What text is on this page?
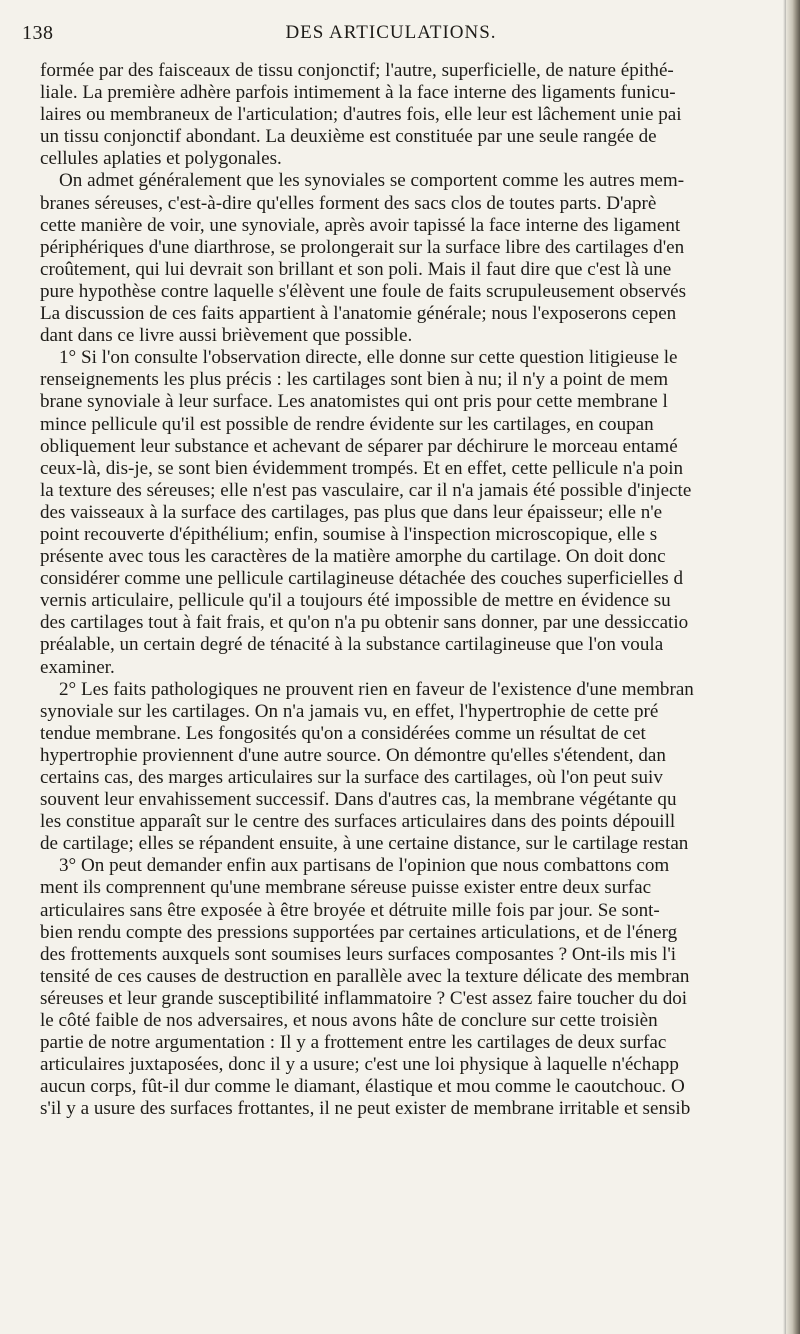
138	DES ARTICULATIONS.
formée par des faisceaux de tissu conjonctif; l'autre, superficielle, de nature épithé-
liale. La première adhère parfois intimement à la face interne des ligaments funicu-
laires ou membraneux de l'articulation; d'autres fois, elle leur est lâchement unie pai
un tissu conjonctif abondant. La deuxième est constituée par une seule rangée de
cellules aplaties et polygonales.
On admet généralement que les synoviales se comportent comme les autres mem-
branes séreuses, c'est-à-dire qu'elles forment des sacs clos de toutes parts. D'aprè
cette manière de voir, une synoviale, après avoir tapissé la face interne des ligament
périphériques d'une diarthrose, se prolongerait sur la surface libre des cartilages d'en
croûtement, qui lui devrait son brillant et son poli. Mais il faut dire que c'est là une
pure hypothèse contre laquelle s'élèvent une foule de faits scrupuleusement observés
La discussion de ces faits appartient à l'anatomie générale; nous l'exposerons cepen
dant dans ce livre aussi brièvement que possible.
1° Si l'on consulte l'observation directe, elle donne sur cette question litigieuse le
renseignements les plus précis : les cartilages sont bien à nu; il n'y a point de mem
brane synoviale à leur surface. Les anatomistes qui ont pris pour cette membrane l
mince pellicule qu'il est possible de rendre évidente sur les cartilages, en coupan
obliquement leur substance et achevant de séparer par déchirure le morceau entamé
ceux-là, dis-je, se sont bien évidemment trompés. Et en effet, cette pellicule n'a poin
la texture des séreuses; elle n'est pas vasculaire, car il n'a jamais été possible d'injecte
des vaisseaux à la surface des cartilages, pas plus que dans leur épaisseur; elle n'e
point recouverte d'épithélium; enfin, soumise à l'inspection microscopique, elle s
présente avec tous les caractères de la matière amorphe du cartilage. On doit donc
considérer comme une pellicule cartilagineuse détachée des couches superficielles d
vernis articulaire, pellicule qu'il a toujours été impossible de mettre en évidence su
des cartilages tout à fait frais, et qu'on n'a pu obtenir sans donner, par une dessiccatio
préalable, un certain degré de ténacité à la substance cartilagineuse que l'on voula
examiner.
2° Les faits pathologiques ne prouvent rien en faveur de l'existence d'une membran
synoviale sur les cartilages. On n'a jamais vu, en effet, l'hypertrophie de cette pré
tendue membrane. Les fongosités qu'on a considérées comme un résultat de cet
hypertrophie proviennent d'une autre source. On démontre qu'elles s'étendent, dan
certains cas, des marges articulaires sur la surface des cartilages, où l'on peut suiv
souvent leur envahissement successif. Dans d'autres cas, la membrane végétante qu
les constitue apparaît sur le centre des surfaces articulaires dans des points dépouill
de cartilage; elles se répandent ensuite, à une certaine distance, sur le cartilage restan
3° On peut demander enfin aux partisans de l'opinion que nous combattons com
ment ils comprennent qu'une membrane séreuse puisse exister entre deux surfac
articulaires sans être exposée à être broyée et détruite mille fois par jour. Se sont-
bien rendu compte des pressions supportées par certaines articulations, et de l'énerg
des frottements auxquels sont soumises leurs surfaces composantes ? Ont-ils mis l'i
tensité de ces causes de destruction en parallèle avec la texture délicate des membran
séreuses et leur grande susceptibilité inflammatoire ? C'est assez faire toucher du doi
le côté faible de nos adversaires, et nous avons hâte de conclure sur cette troisièn
partie de notre argumentation : Il y a frottement entre les cartilages de deux surfac
articulaires juxtaposées, donc il y a usure; c'est une loi physique à laquelle n'échapp
aucun corps, fût-il dur comme le diamant, élastique et mou comme le caoutchouc. O
s'il y a usure des surfaces frottantes, il ne peut exister de membrane irritable et sensib
